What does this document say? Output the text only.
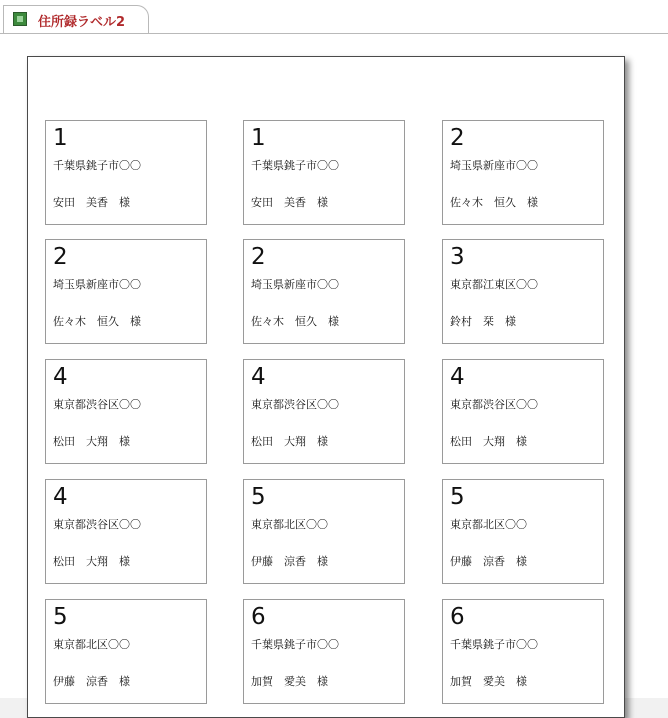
住所録ラベル2
1
千葉県銚子市〇〇
安田　美香　様
1
千葉県銚子市〇〇
安田　美香　様
2
埼玉県新座市〇〇
佐々木　恒久　様
2
埼玉県新座市〇〇
佐々木　恒久　様
2
埼玉県新座市〇〇
佐々木　恒久　様
3
東京都江東区〇〇
鈴村　栞　様
4
東京都渋谷区〇〇
松田　大翔　様
4
東京都渋谷区〇〇
松田　大翔　様
4
東京都渋谷区〇〇
松田　大翔　様
4
東京都渋谷区〇〇
松田　大翔　様
5
東京都北区〇〇
伊藤　涼香　様
5
東京都北区〇〇
伊藤　涼香　様
5
東京都北区〇〇
伊藤　涼香　様
6
千葉県銚子市〇〇
加賀　愛美　様
6
千葉県銚子市〇〇
加賀　愛美　様
